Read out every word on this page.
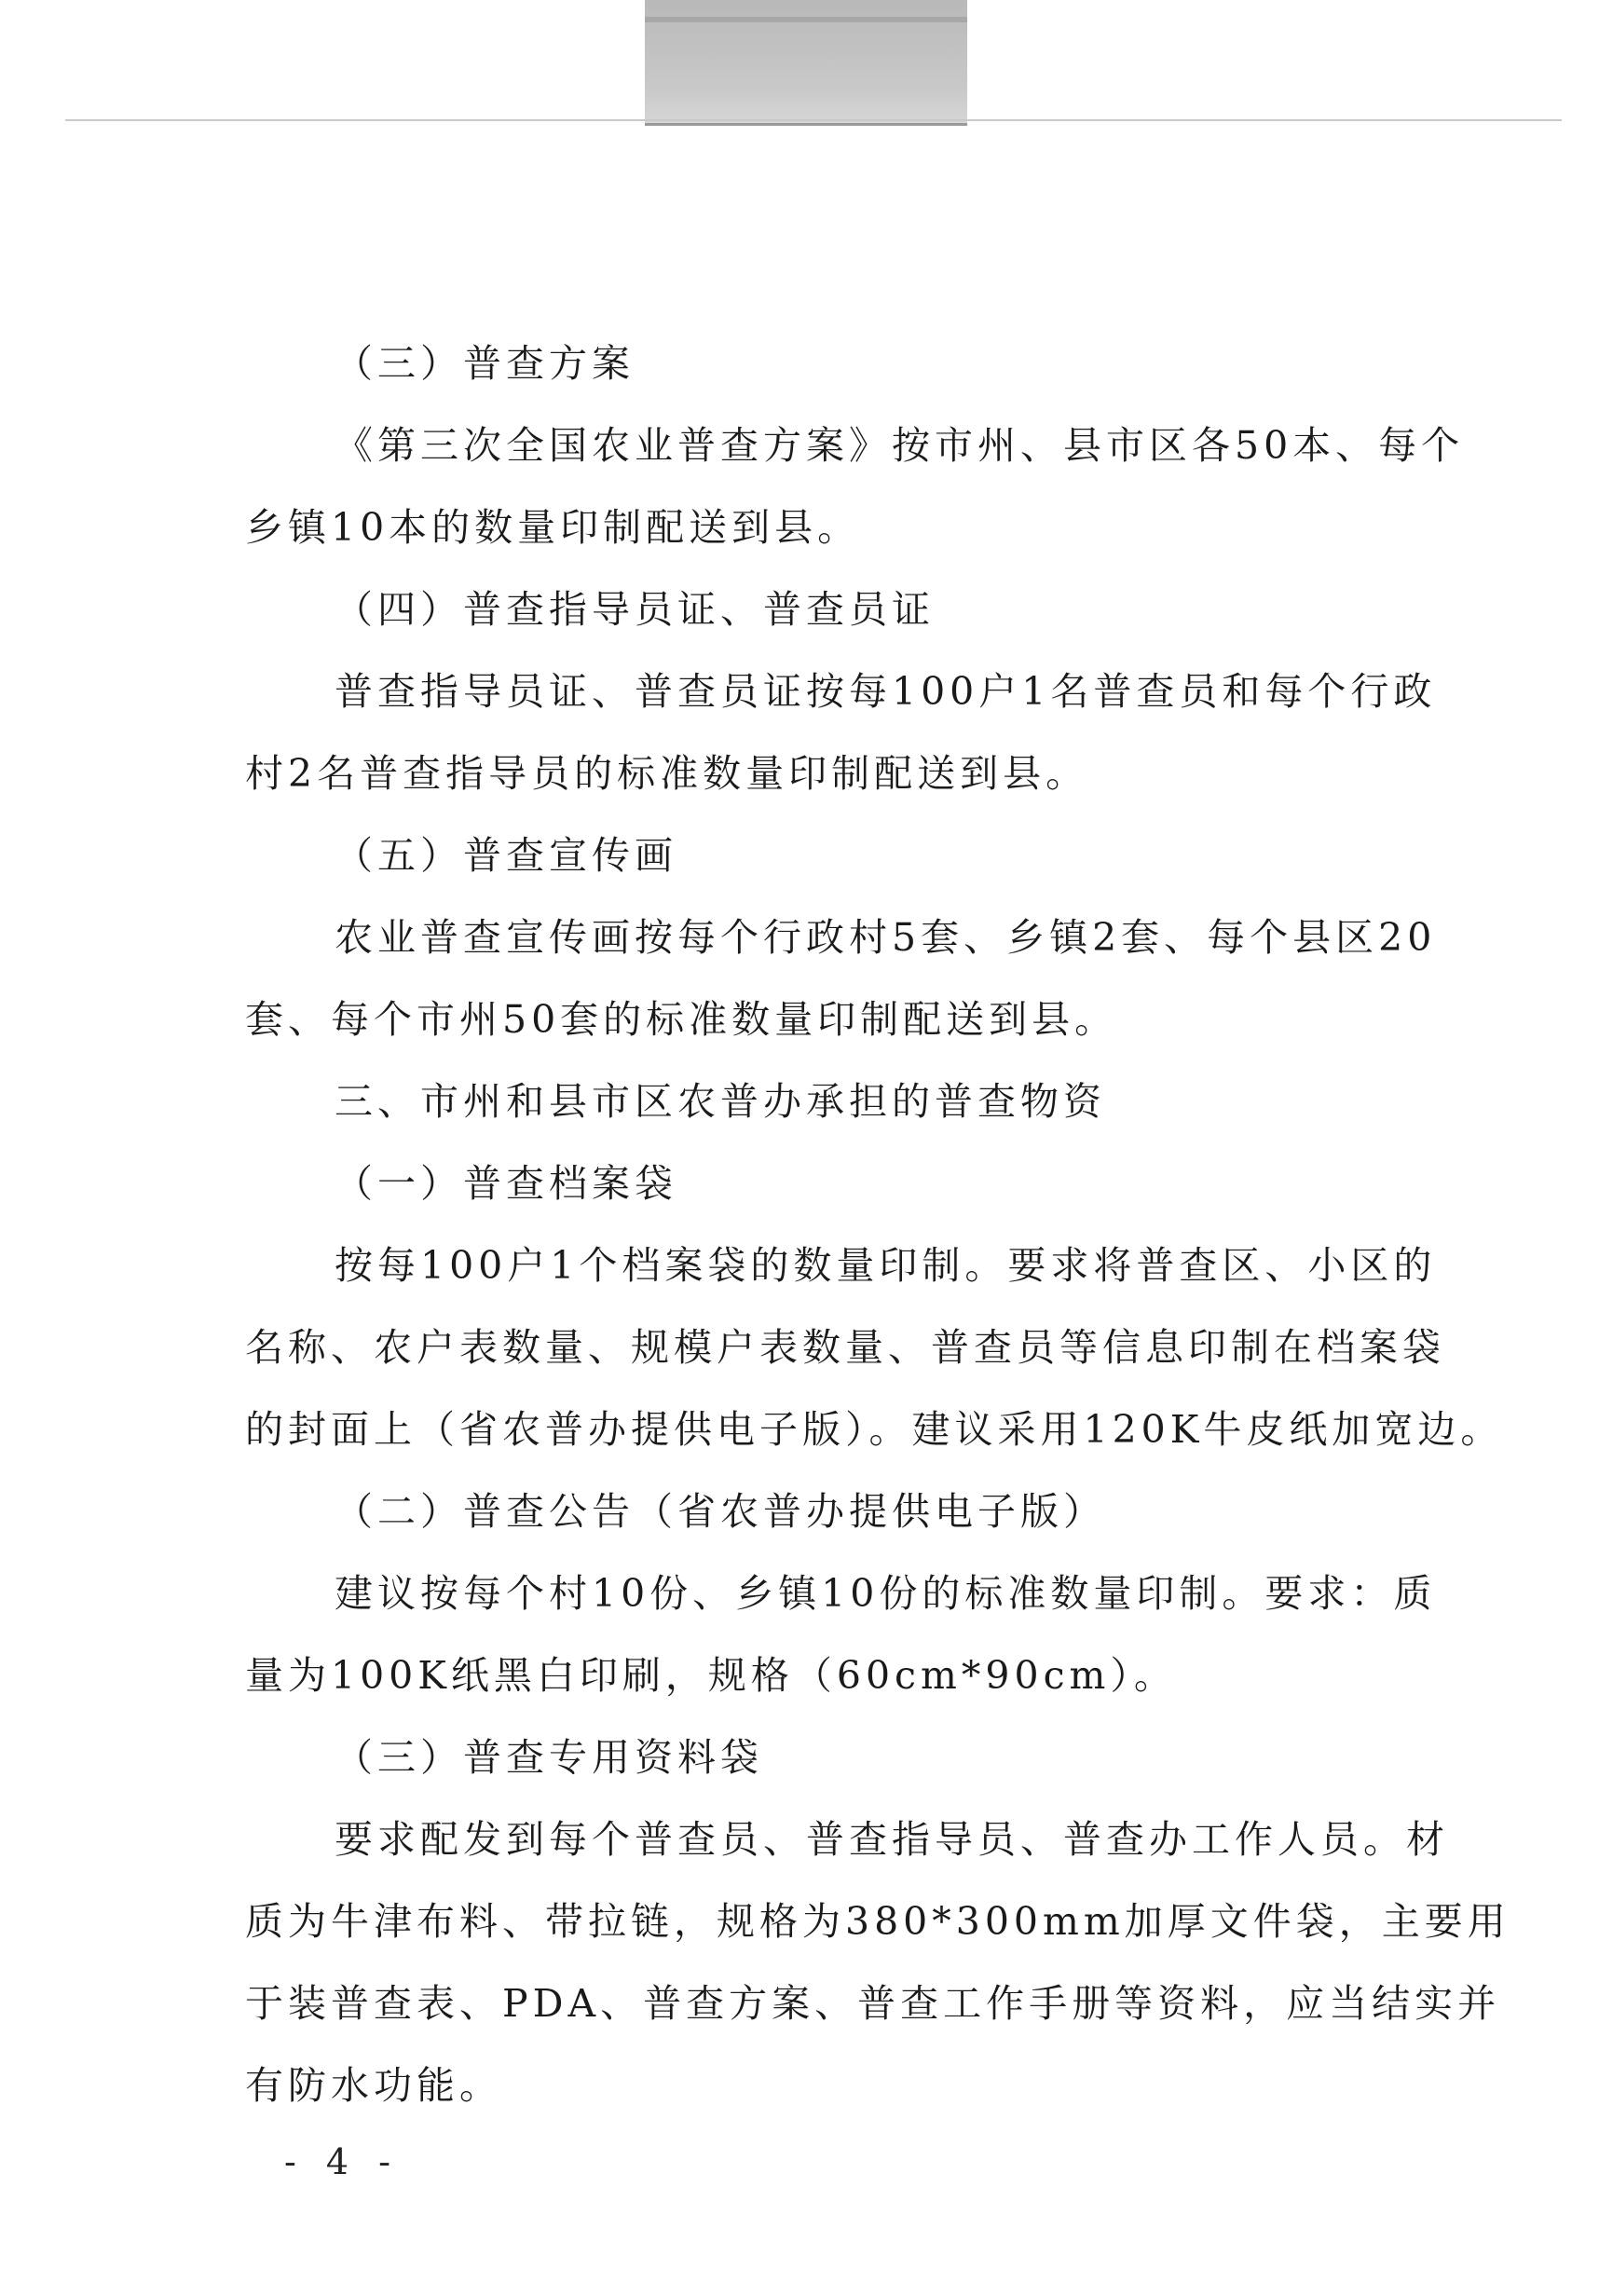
（三）普查方案
《第三次全国农业普查方案》按市州、县市区各50本、每个
乡镇10本的数量印制配送到县。
（四）普查指导员证、普查员证
普查指导员证、普查员证按每100户1名普查员和每个行政
村2名普查指导员的标准数量印制配送到县。
（五）普查宣传画
农业普查宣传画按每个行政村5套、乡镇2套、每个县区20
套、每个市州50套的标准数量印制配送到县。
三、市州和县市区农普办承担的普查物资
（一）普查档案袋
按每100户1个档案袋的数量印制。要求将普查区、小区的
名称、农户表数量、规模户表数量、普查员等信息印制在档案袋
的封面上（省农普办提供电子版）。建议采用120K牛皮纸加宽边。
（二）普查公告（省农普办提供电子版）
建议按每个村10份、乡镇10份的标准数量印制。要求：质
量为100K纸黑白印刷，规格（60cm*90cm）。
（三）普查专用资料袋
要求配发到每个普查员、普查指导员、普查办工作人员。材
质为牛津布料、带拉链，规格为380*300mm加厚文件袋，主要用
于装普查表、PDA、普查方案、普查工作手册等资料，应当结实并
有防水功能。
- 4 -
